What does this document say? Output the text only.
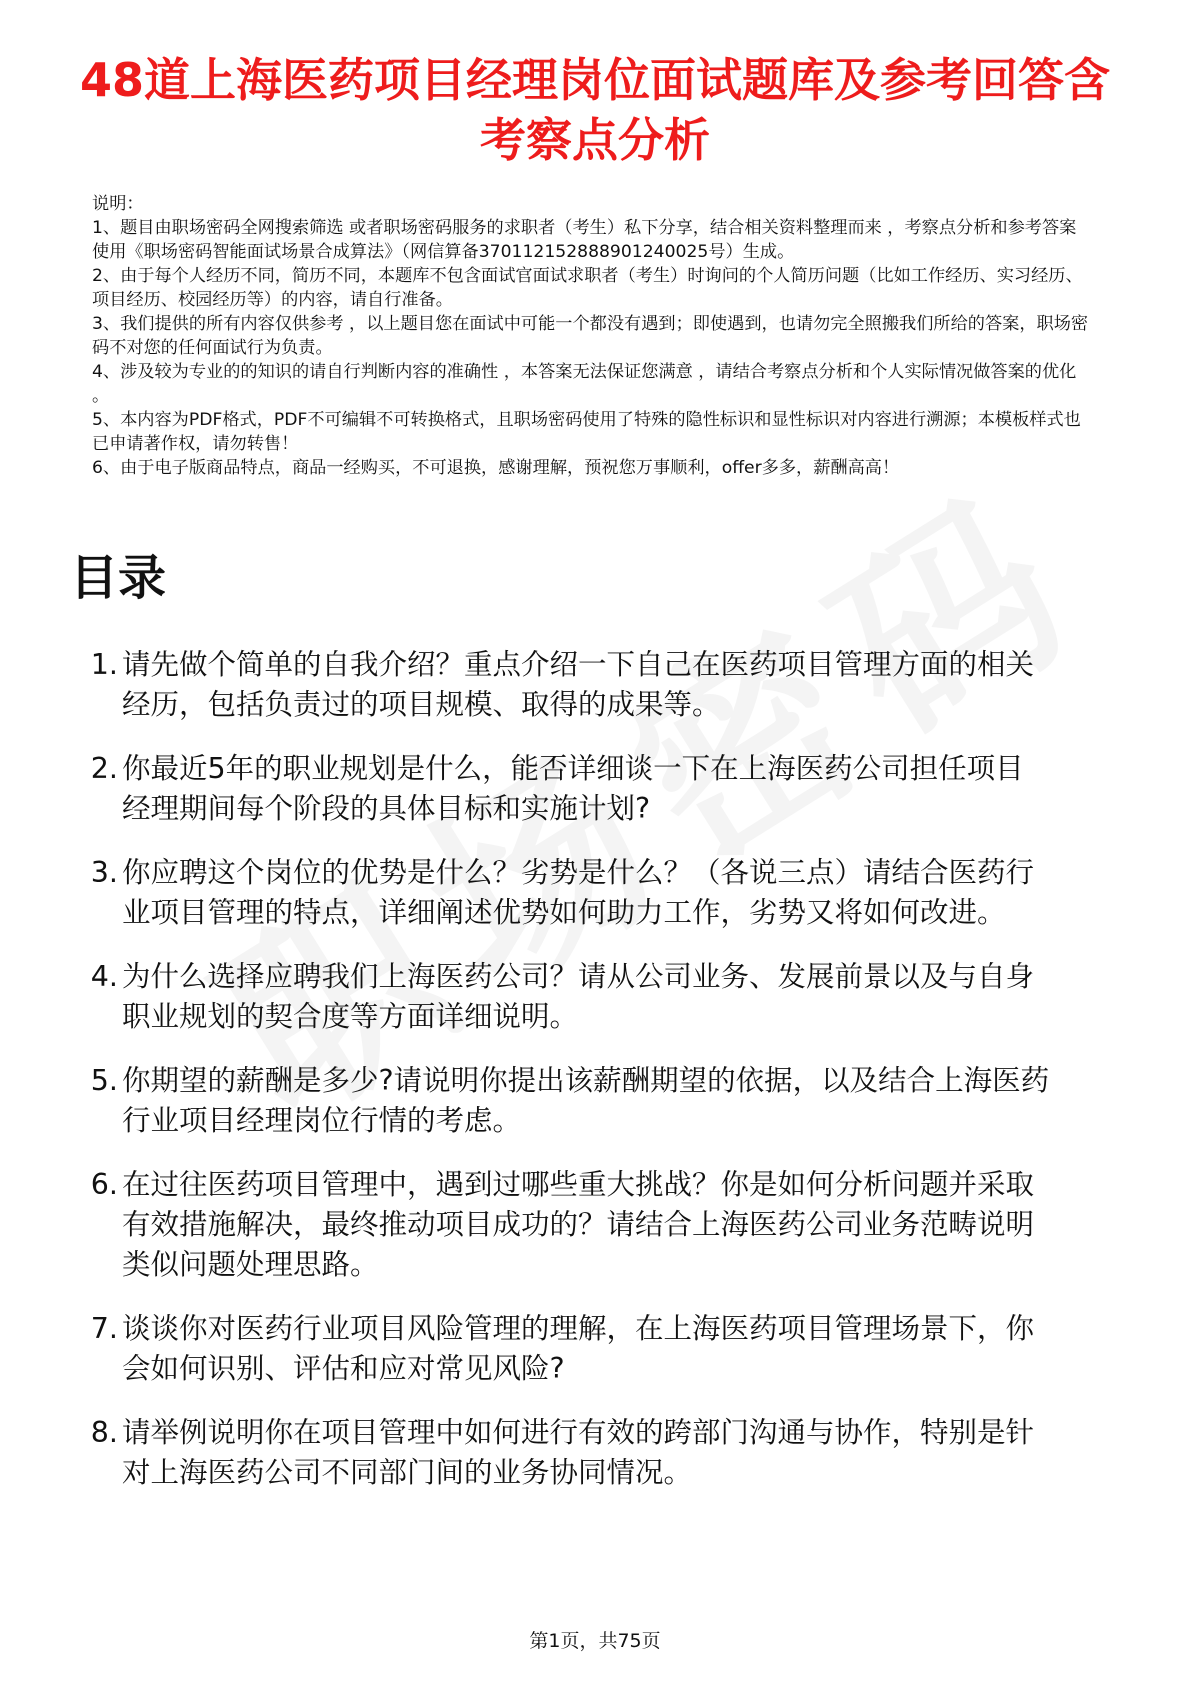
48道上海医药项目经理岗位面试题库及参考回答含考察点分析
说明：
1、题目由职场密码全网搜索筛选 或者职场密码服务的求职者（考生）私下分享，结合相关资料整理而来 ，考察点分析和参考答案使用《职场密码智能面试场景合成算法》（网信算备370112152888901240025号）生成。
2、由于每个人经历不同，简历不同，本题库不包含面试官面试求职者（考生）时询问的个人简历问题（比如工作经历、实习经历、项目经历、校园经历等）的内容，请自行准备。
3、我们提供的所有内容仅供参考 ，以上题目您在面试中可能一个都没有遇到；即使遇到，也请勿完全照搬我们所给的答案，职场密码不对您的任何面试行为负责。
4、涉及较为专业的的知识的请自行判断内容的准确性 ，本答案无法保证您满意 ，请结合考察点分析和个人实际情况做答案的优化 。
5、本内容为PDF格式，PDF不可编辑不可转换格式，且职场密码使用了特殊的隐性标识和显性标识对内容进行溯源；本模板样式也已申请著作权，请勿转售！
6、由于电子版商品特点，商品一经购买，不可退换，感谢理解，预祝您万事顺利，offer多多，薪酬高高！
目录
1. 请先做个简单的自我介绍？重点介绍一下自己在医药项目管理方面的相关经历，包括负责过的项目规模、取得的成果等。
2. 你最近5年的职业规划是什么，能否详细谈一下在上海医药公司担任项目经理期间每个阶段的具体目标和实施计划?
3. 你应聘这个岗位的优势是什么？劣势是什么？（各说三点）请结合医药行业项目管理的特点，详细阐述优势如何助力工作，劣势又将如何改进。
4. 为什么选择应聘我们上海医药公司？请从公司业务、发展前景以及与自身职业规划的契合度等方面详细说明。
5. 你期望的薪酬是多少?请说明你提出该薪酬期望的依据，以及结合上海医药行业项目经理岗位行情的考虑。
6. 在过往医药项目管理中，遇到过哪些重大挑战？你是如何分析问题并采取有效措施解决，最终推动项目成功的？请结合上海医药公司业务范畴说明类似问题处理思路。
7. 谈谈你对医药行业项目风险管理的理解，在上海医药项目管理场景下，你会如何识别、评估和应对常见风险?
8. 请举例说明你在项目管理中如何进行有效的跨部门沟通与协作，特别是针对上海医药公司不同部门间的业务协同情况。
第1页，共75页
